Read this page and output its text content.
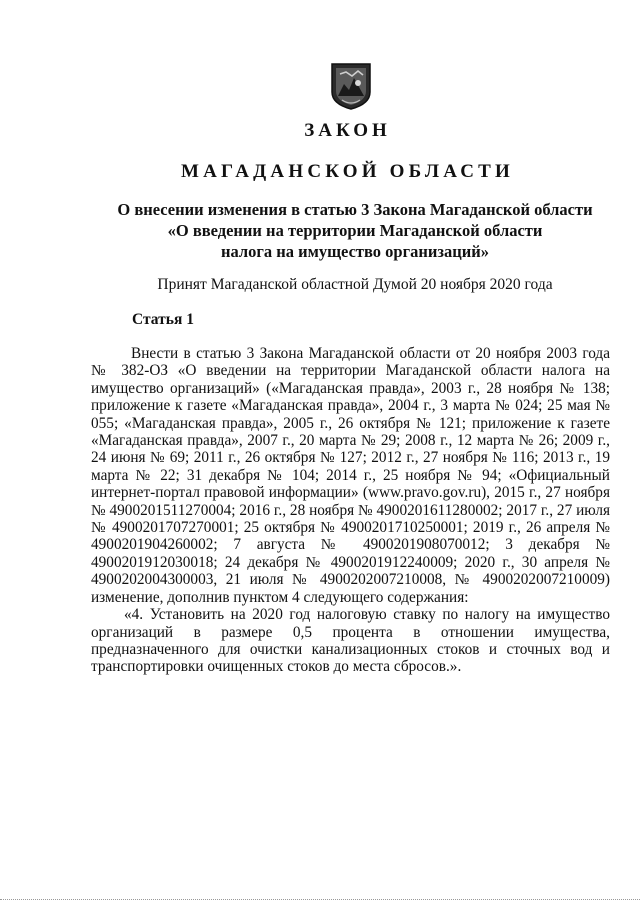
ЗАКОН
МАГАДАНСКОЙ ОБЛАСТИ
О внесении изменения в статью 3 Закона Магаданской области
«О введении на территории Магаданской области
налога на имущество организаций»
Принят Магаданской областной Думой 20 ноября 2020 года
Статья 1

Внести в статью 3 Закона Магаданской области от 20 ноября 2003 года № 382-ОЗ «О введении на территории Магаданской области налога на имущество организаций» («Магаданская правда», 2003 г., 28 ноября № 138; приложение к газете «Магаданская правда», 2004 г., 3 марта № 024; 25 мая № 055; «Магаданская правда», 2005 г., 26 октября № 121; приложение к газете «Магаданская правда», 2007 г., 20 марта № 29; 2008 г., 12 марта № 26; 2009 г., 24 июня № 69; 2011 г., 26 октября № 127; 2012 г., 27 ноября № 116; 2013 г., 19 марта № 22; 31 декабря № 104; 2014 г., 25 ноября № 94; «Официальный интернет-портал правовой информации» (www.pravo.gov.ru), 2015 г., 27 ноября № 4900201511270004; 2016 г., 28 ноября № 4900201611280002; 2017 г., 27 июля № 4900201707270001; 25 октября № 4900201710250001; 2019 г., 26 апреля № 4900201904260002; 7 августа № 4900201908070012; 3 декабря № 4900201912030018; 24 декабря № 4900201912240009; 2020 г., 30 апреля № 4900202004300003, 21 июля № 4900202007210008, № 4900202007210009) изменение, дополнив пунктом 4 следующего содержания:

«4. Установить на 2020 год налоговую ставку по налогу на имущество организаций в размере 0,5 процента в отношении имущества, предназначенного для очистки канализационных стоков и сточных вод и транспортировки очищенных стоков до места сбросов.».
